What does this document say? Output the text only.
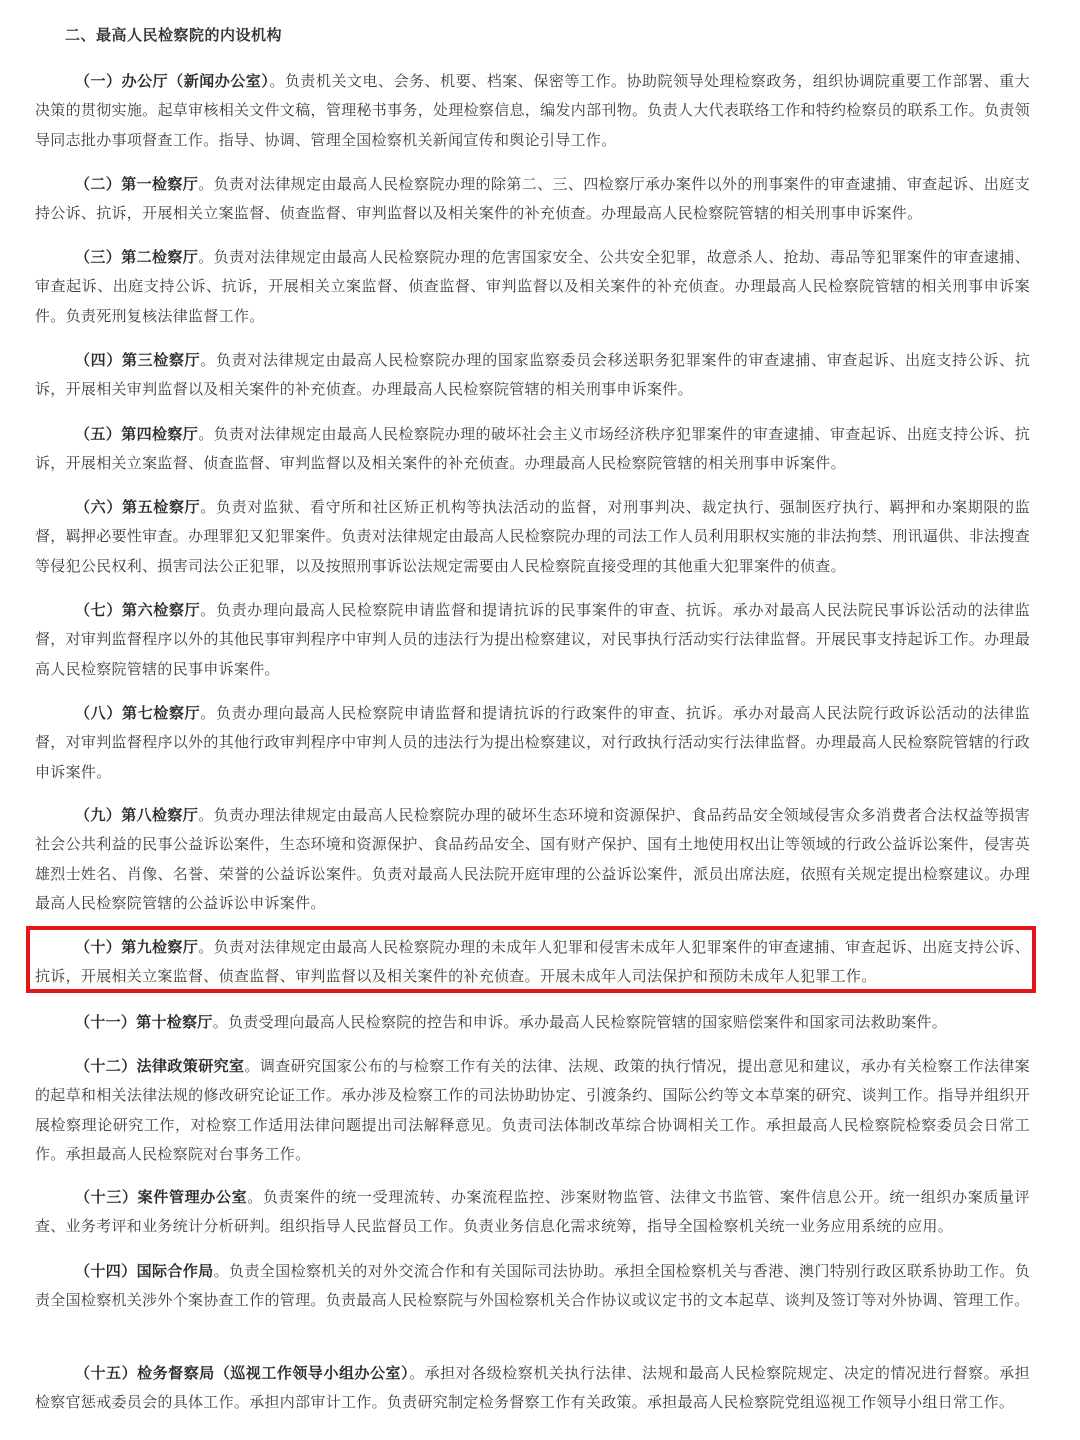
二、最高人民检察院的内设机构

（一）办公厅（新闻办公室）。负责机关文电、会务、机要、档案、保密等工作。协助院领导处理检察政务，组织协调院重要工作部署、重大决策的贯彻实施。起草审核相关文件文稿，管理秘书事务，处理检察信息，编发内部刊物。负责人大代表联络工作和特约检察员的联系工作。负责领导同志批办事项督查工作。指导、协调、管理全国检察机关新闻宣传和舆论引导工作。

（二）第一检察厅。负责对法律规定由最高人民检察院办理的除第二、三、四检察厅承办案件以外的刑事案件的审查逮捕、审查起诉、出庭支持公诉、抗诉，开展相关立案监督、侦查监督、审判监督以及相关案件的补充侦查。办理最高人民检察院管辖的相关刑事申诉案件。

（三）第二检察厅。负责对法律规定由最高人民检察院办理的危害国家安全、公共安全犯罪，故意杀人、抢劫、毒品等犯罪案件的审查逮捕、审查起诉、出庭支持公诉、抗诉，开展相关立案监督、侦查监督、审判监督以及相关案件的补充侦查。办理最高人民检察院管辖的相关刑事申诉案件。负责死刑复核法律监督工作。

（四）第三检察厅。负责对法律规定由最高人民检察院办理的国家监察委员会移送职务犯罪案件的审查逮捕、审查起诉、出庭支持公诉、抗诉，开展相关审判监督以及相关案件的补充侦查。办理最高人民检察院管辖的相关刑事申诉案件。

（五）第四检察厅。负责对法律规定由最高人民检察院办理的破坏社会主义市场经济秩序犯罪案件的审查逮捕、审查起诉、出庭支持公诉、抗诉，开展相关立案监督、侦查监督、审判监督以及相关案件的补充侦查。办理最高人民检察院管辖的相关刑事申诉案件。

（六）第五检察厅。负责对监狱、看守所和社区矫正机构等执法活动的监督，对刑事判决、裁定执行、强制医疗执行、羁押和办案期限的监督，羁押必要性审查。办理罪犯又犯罪案件。负责对法律规定由最高人民检察院办理的司法工作人员利用职权实施的非法拘禁、刑讯逼供、非法搜查等侵犯公民权利、损害司法公正犯罪，以及按照刑事诉讼法规定需要由人民检察院直接受理的其他重大犯罪案件的侦查。

（七）第六检察厅。负责办理向最高人民检察院申请监督和提请抗诉的民事案件的审查、抗诉。承办对最高人民法院民事诉讼活动的法律监督，对审判监督程序以外的其他民事审判程序中审判人员的违法行为提出检察建议，对民事执行活动实行法律监督。开展民事支持起诉工作。办理最高人民检察院管辖的民事申诉案件。

（八）第七检察厅。负责办理向最高人民检察院申请监督和提请抗诉的行政案件的审查、抗诉。承办对最高人民法院行政诉讼活动的法律监督，对审判监督程序以外的其他行政审判程序中审判人员的违法行为提出检察建议，对行政执行活动实行法律监督。办理最高人民检察院管辖的行政申诉案件。

（九）第八检察厅。负责办理法律规定由最高人民检察院办理的破坏生态环境和资源保护、食品药品安全领域侵害众多消费者合法权益等损害社会公共利益的民事公益诉讼案件，生态环境和资源保护、食品药品安全、国有财产保护、国有土地使用权出让等领域的行政公益诉讼案件，侵害英雄烈士姓名、肖像、名誉、荣誉的公益诉讼案件。负责对最高人民法院开庭审理的公益诉讼案件，派员出席法庭，依照有关规定提出检察建议。办理最高人民检察院管辖的公益诉讼申诉案件。

（十）第九检察厅。负责对法律规定由最高人民检察院办理的未成年人犯罪和侵害未成年人犯罪案件的审查逮捕、审查起诉、出庭支持公诉、抗诉，开展相关立案监督、侦查监督、审判监督以及相关案件的补充侦查。开展未成年人司法保护和预防未成年人犯罪工作。

（十一）第十检察厅。负责受理向最高人民检察院的控告和申诉。承办最高人民检察院管辖的国家赔偿案件和国家司法救助案件。

（十二）法律政策研究室。调查研究国家公布的与检察工作有关的法律、法规、政策的执行情况，提出意见和建议，承办有关检察工作法律案的起草和相关法律法规的修改研究论证工作。承办涉及检察工作的司法协助协定、引渡条约、国际公约等文本草案的研究、谈判工作。指导并组织开展检察理论研究工作，对检察工作适用法律问题提出司法解释意见。负责司法体制改革综合协调相关工作。承担最高人民检察院检察委员会日常工作。承担最高人民检察院对台事务工作。

（十三）案件管理办公室。负责案件的统一受理流转、办案流程监控、涉案财物监管、法律文书监管、案件信息公开。统一组织办案质量评查、业务考评和业务统计分析研判。组织指导人民监督员工作。负责业务信息化需求统筹，指导全国检察机关统一业务应用系统的应用。

（十四）国际合作局。负责全国检察机关的对外交流合作和有关国际司法协助。承担全国检察机关与香港、澳门特别行政区联系协助工作。负责全国检察机关涉外个案协查工作的管理。负责最高人民检察院与外国检察机关合作协议或议定书的文本起草、谈判及签订等对外协调、管理工作。

（十五）检务督察局（巡视工作领导小组办公室）。承担对各级检察机关执行法律、法规和最高人民检察院规定、决定的情况进行督察。承担检察官惩戒委员会的具体工作。承担内部审计工作。负责研究制定检务督察工作有关政策。承担最高人民检察院党组巡视工作领导小组日常工作。
